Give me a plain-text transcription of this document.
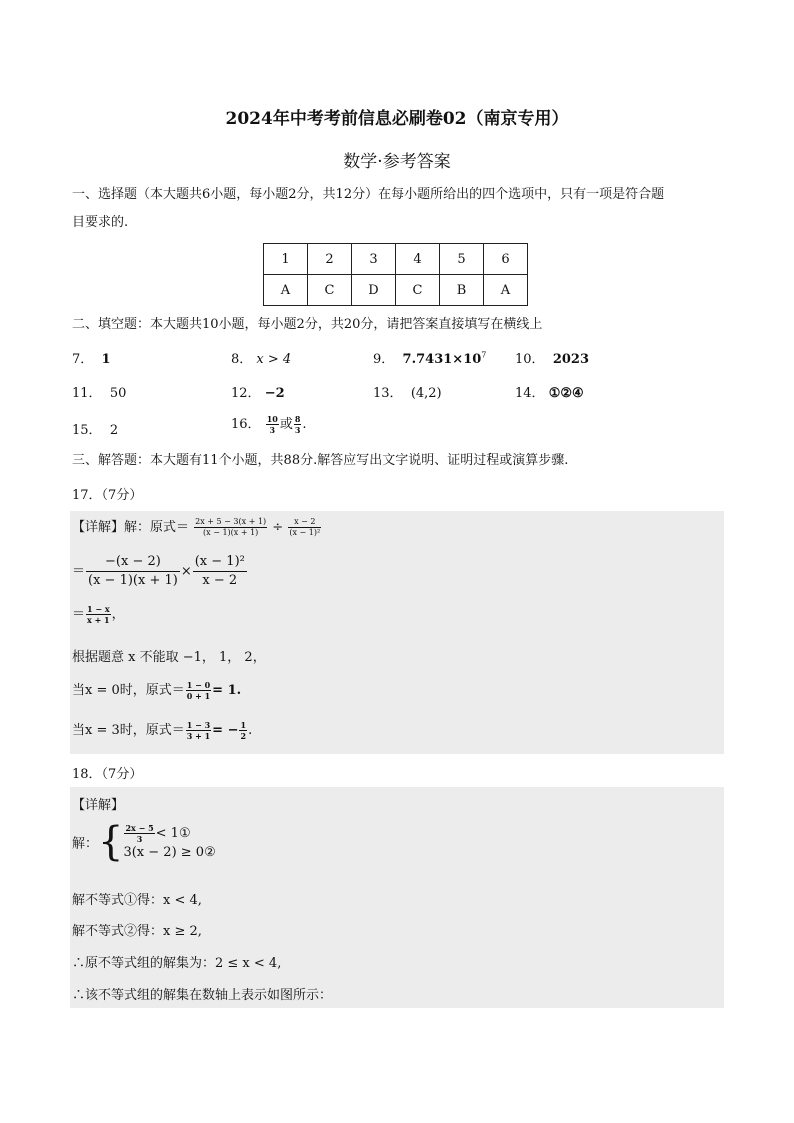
2024年中考考前信息必刷卷02（南京专用）
数学·参考答案
一、选择题（本大题共6小题，每小题2分，共12分）在每小题所给出的四个选项中，只有一项是符合题
目要求的.
1	2	3	4	5	6
A	C	D	C	B	A
二、填空题：本大题共10小题，每小题2分，共20分，请把答案直接填写在横线上
7． 1	8． x > 4	9． $7.7431\times 10^7$ 10． 2023
11． 50	12． −2	13． (4,2)	14． ①②④
15． 2	16． $\frac{10}{3}$ 或 $\frac{8}{3}$ .
三、解答题：本大题有11个小题，共88分.解答应写出文字说明、证明过程或演算步骤.
17．（7分）
【详解】解：原式＝ $\frac{2x + 5 - 3(x + 1)}{(x - 1)(x + 1)} \div \frac{x - 2}{\text{(x − 1)²}}$
＝ $\frac{-(x - 2)}{(x - 1)(x + 1)} \times \frac{\text{(x − 1)²}}{x - 2}$
＝ $\frac{1 - x}{x + 1}$ ，
根据题意 x 不能取 −1， 1， 2，
当x = 0时，原式＝ $\frac{1 - 0}{0 + 1} = 1$.
当x = 3时，原式＝ $\frac{1 - 3}{3 + 1}$ = − $\frac{1}{2}$ .
18．（7分）
【详解】
解：{ $\frac{2x - 5}{3}$ < 1①
3(x − 2) ≥ 0②
解不等式①得：x < 4,
解不等式②得：x ≥ 2,
∴原不等式组的解集为：2 ≤ x < 4,
∴该不等式组的解集在数轴上表示如图所示：
